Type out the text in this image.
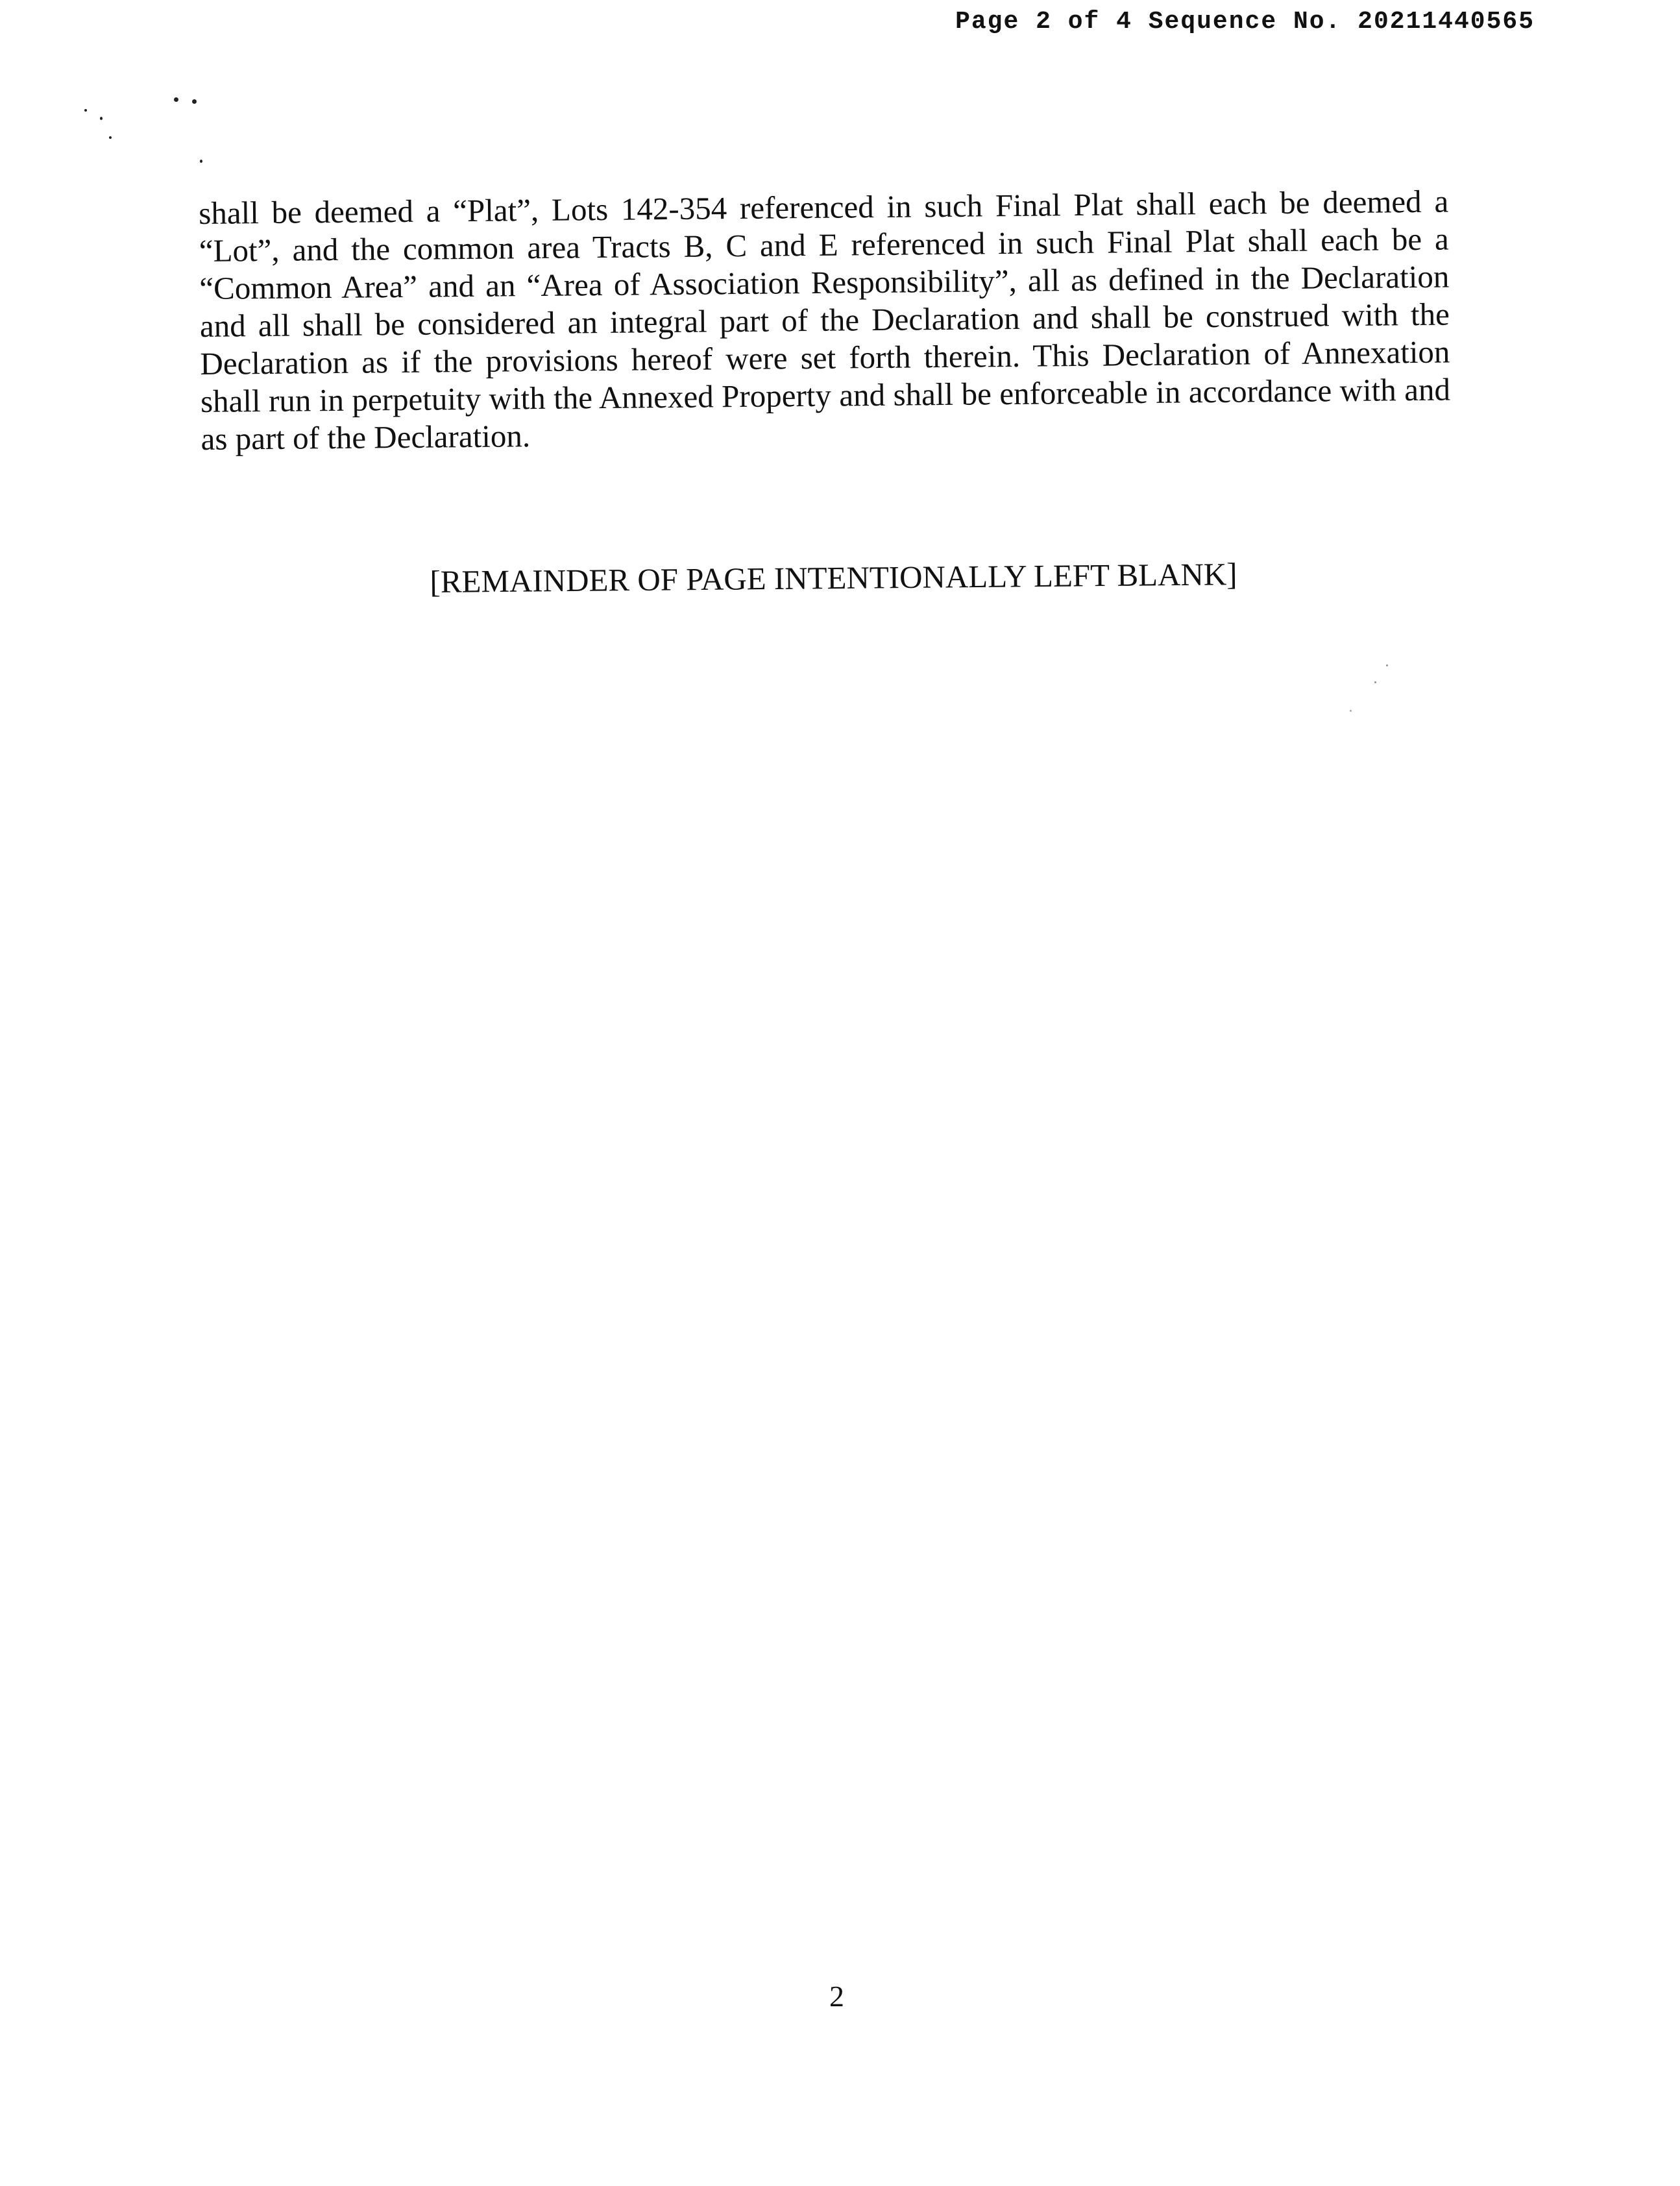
Page 2 of 4 Sequence No. 20211440565
shall be deemed a “Plat”, Lots 142-354 referenced in such Final Plat shall each be deemed a “Lot”, and the common area Tracts B, C and E referenced in such Final Plat shall each be a “Common Area” and an “Area of Association Responsibility”, all as defined in the Declaration and all shall be considered an integral part of the Declaration and shall be construed with the Declaration as if the provisions hereof were set forth therein. This Declaration of Annexation shall run in perpetuity with the Annexed Property and shall be enforceable in accordance with and as part of the Declaration.
[REMAINDER OF PAGE INTENTIONALLY LEFT BLANK]
2
